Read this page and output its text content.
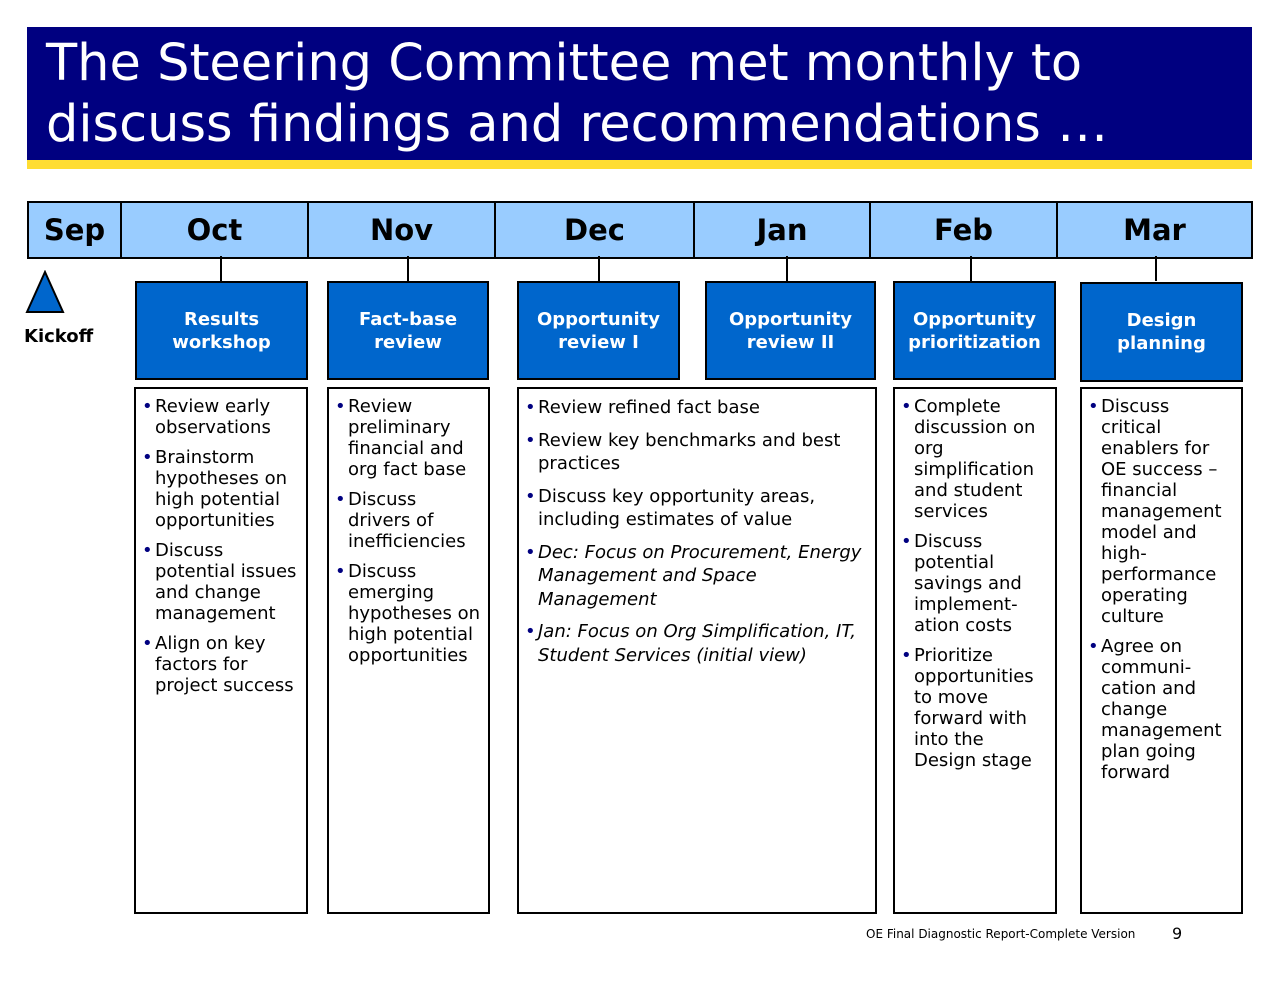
The Steering Committee met monthly to discuss findings and recommendations …
Sep	Oct	Nov	Dec	Jan	Feb	Mar
Kickoff
Results workshop
Fact-base review
Opportunity review I
Opportunity review II
Opportunity prioritization
Design planning
• Review early observations
• Brainstorm hypotheses on high potential opportunities
• Discuss potential issues and change management
• Align on key factors for project success
• Review preliminary financial and org fact base
• Discuss drivers of inefficiencies
• Discuss emerging hypotheses on high potential opportunities
• Review refined fact base
• Review key benchmarks and best practices
• Discuss key opportunity areas, including estimates of value
• Dec: Focus on Procurement, Energy Management and Space Management
• Jan: Focus on Org Simplification, IT, Student Services (initial view)
• Complete discussion on org simplification and student services
• Discuss potential savings and implement-ation costs
• Prioritize opportunities to move forward with into the Design stage
• Discuss critical enablers for OE success – financial management model and high-performance operating culture
• Agree on communi-cation and change management plan going forward
OE Final Diagnostic Report-Complete Version 9
